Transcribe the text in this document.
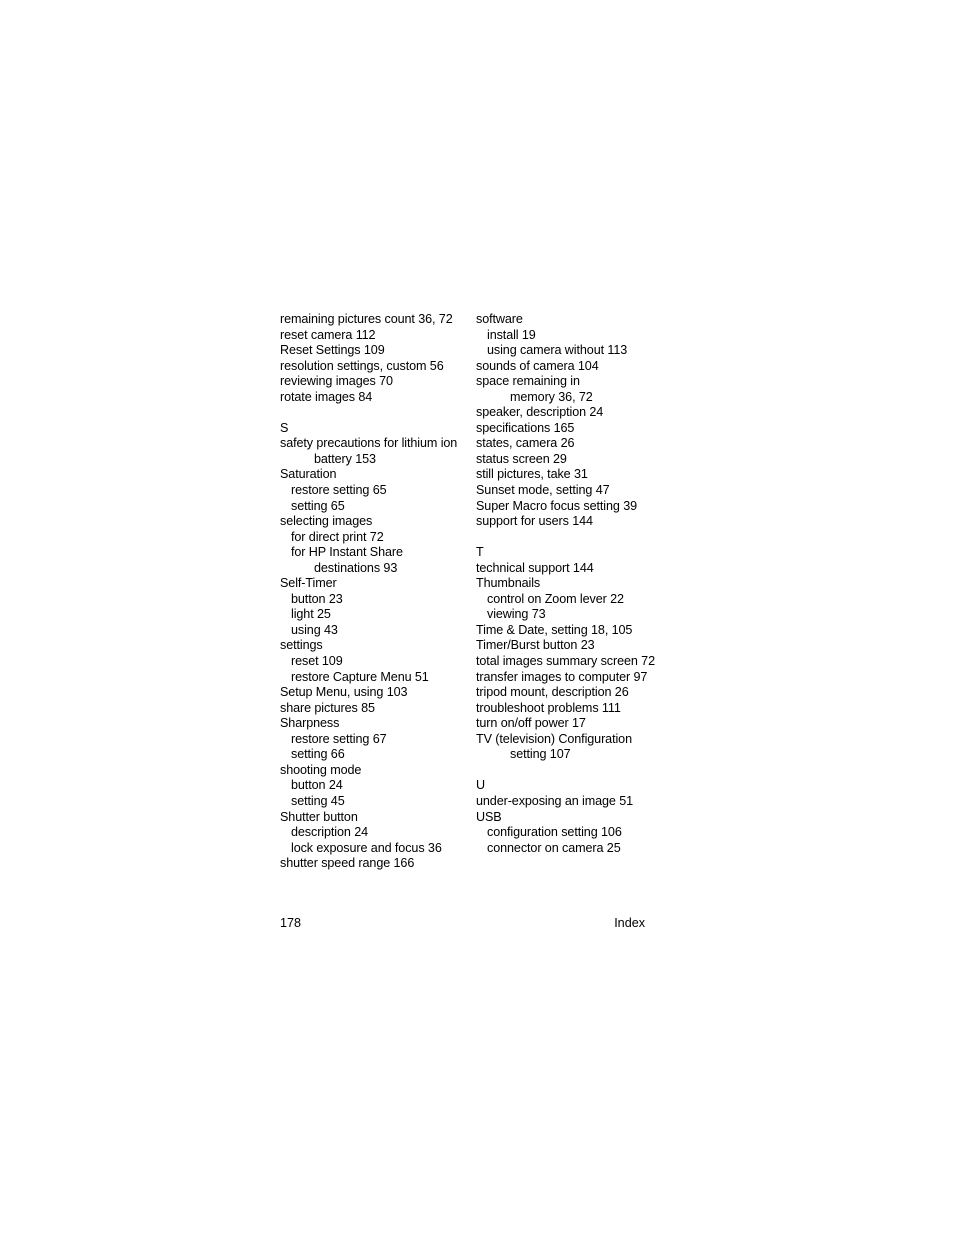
remaining pictures count 36, 72
reset camera 112
Reset Settings 109
resolution settings, custom 56
reviewing images 70
rotate images 84
S
safety precautions for lithium ion
battery 153
Saturation
restore setting 65
setting 65
selecting images
for direct print 72
for HP Instant Share
destinations 93
Self-Timer
button 23
light 25
using 43
settings
reset 109
restore Capture Menu 51
Setup Menu, using 103
share pictures 85
Sharpness
restore setting 67
setting 66
shooting mode
button 24
setting 45
Shutter button
description 24
lock exposure and focus 36
shutter speed range 166
software
install 19
using camera without 113
sounds of camera 104
space remaining in
memory 36, 72
speaker, description 24
specifications 165
states, camera 26
status screen 29
still pictures, take 31
Sunset mode, setting 47
Super Macro focus setting 39
support for users 144
T
technical support 144
Thumbnails
control on Zoom lever 22
viewing 73
Time & Date, setting 18, 105
Timer/Burst button 23
total images summary screen 72
transfer images to computer 97
tripod mount, description 26
troubleshoot problems 111
turn on/off power 17
TV (television) Configuration
setting 107
U
under-exposing an image 51
USB
configuration setting 106
connector on camera 25
178	Index
